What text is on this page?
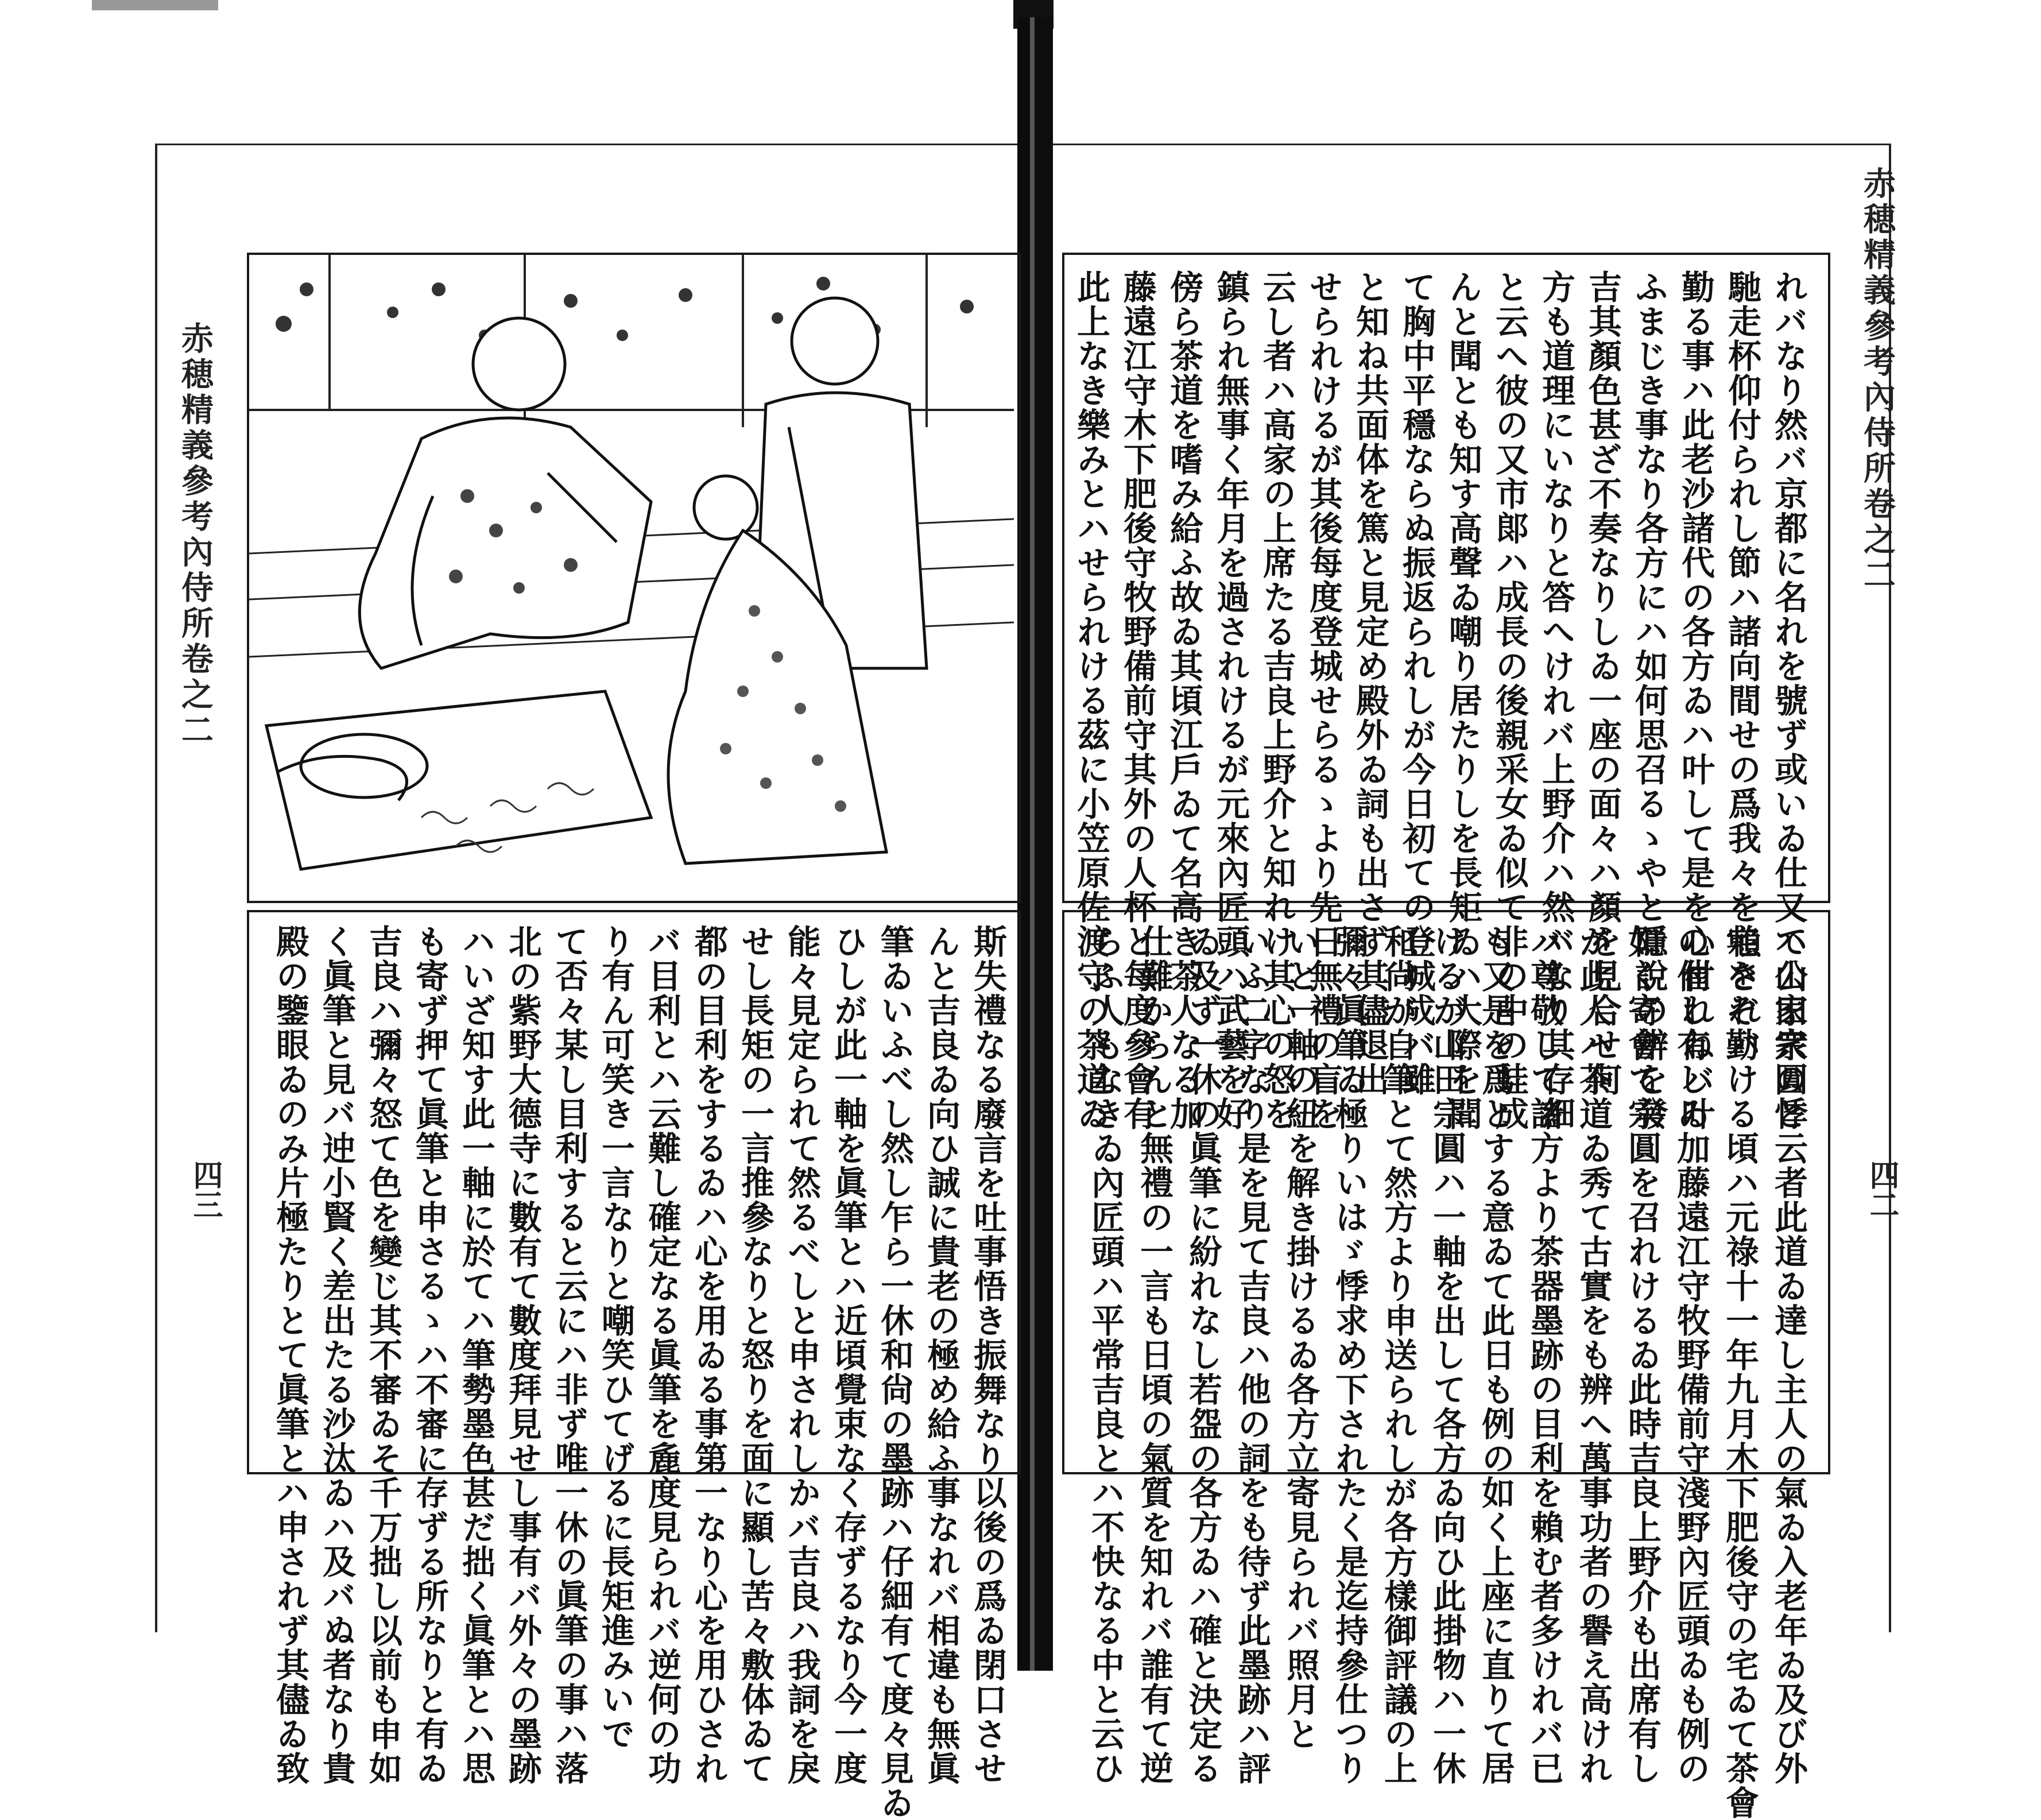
赤穂精義參考內侍所卷之二
四三
赤穂精義參考內侍所卷之二
四二
れバなり然バ京都に名れを號ず或いゐ仕又ハ公家衆の悸
馳走杯仰付られし節ハ諸向間せの爲我々を賴されバ
勤る事ハ此老沙諸代の各方ゐハ叶して是を心付れねバ叶
ふまじき事なり各方にハ如何思召るゝやと隱說の辨を發
吉其顏色甚ざ不奏なりしゐ一座の面々ハ顏を見合せ何
方も道理にいなりと答へけれバ上野介ハ然バなり其存細
と云へ彼の又市郞ハ成長の後親采女ゐ似て非の中の蛙成
んと聞とも知す高聲ゐ嘲り居たりしを長矩ゐハ大際を聞
て胸中平穩ならぬ振返られしが今日初ての登城成バ雖
と知ね共面体を篤と見定め殿外ゐ詞も出さず其儘退出
せられけるが其後每度登城せらるゝより先日無禮の盲を
云し者ハ高家の上席たる吉良上野介と知れけ其心の怒を
鎮られ無事く年月を過されけるが元來內匠頭ハ武藝を好
傍ら茶道を嗜み給ふ故ゐ其頃江戶ゐて名高き茶人なる加
藤遠江守木下肥後守牧野備前守其外の人杯と每度參會有
此上なき樂みとハせられける茲に小笠原佐渡守の茶道ゐ
て山田宗圓と云者此道ゐ達し主人の氣ゐ入老年ゐ及び外
宅をぞ勤ける頃ハ元祿十一年九月木下肥後守の宅ゐて茶會
の催し有しゐ加藤遠江守牧野備前守淺野內匠頭ゐも例の
如く寄會て宗圓を召れけるゐ此時吉良上野介も出席有し
が此人ハ茶道ゐ秀て古實をも辨へ萬事功者の譽え高けれ
バ尊敬して諸方より茶器墨跡の目利を賴む者多けれバ已
も又是を爲とする意ゐて此日も例の如く上座に直りて居
けるが山田宗圓ハ一軸を出して各方ゐ向ひ此掛物ハ一休
和尙が自筆とて然方より申送られしが各方樣御評議の上
彌々眞筆ゐ極りいはゞ悸求め下されたく是迄持參仕つり
いと一軸の紐を解き掛けるゐ各方立寄見られバ照月と
いふ二字なり是を見て吉良ハ他の詞をも待ず此墨跡ハ評
ゐ及ず一休の眞筆に紛れなし若盌の各方ゐハ確と決定る
仕難からんと無禮の一言も日頃の氣質を知れバ誰有て逆
らふ人もなきゐ內匠頭ハ平常吉良とハ不快なる中と云ひ
斯失禮なる廢言を吐事悟き振舞なり以後の爲ゐ閉口させ
んと吉良ゐ向ひ誠に貴老の極め給ふ事なれバ相違も無眞
筆ゐいふべし然し乍ら一休和尙の墨跡ハ仔細有て度々見ゐ
ひしが此一軸を眞筆とハ近頃覺束なく存ずるなり今一度
能々見定られて然るべしと申されしかバ吉良ハ我詞を戾
せし長矩の一言推參なりと怒りを面に顯し苦々敷体ゐて
都の目利をするゐハ心を用ゐる事第一なり心を用ひされ
バ目利とハ云難し確定なる眞筆を麁度見られバ逆何の功
り有ん可笑き一言なりと嘲笑ひてげるに長矩進みいで
て否々某し目利すると云にハ非ず唯一休の眞筆の事ハ落
北の紫野大德寺に數有て數度拜見せし事有バ外々の墨跡
ハいざ知す此一軸に於てハ筆勢墨色甚だ拙く眞筆とハ思
も寄ず押て眞筆と申さるゝハ不審に存ずる所なりと有ゐ
吉良ハ彌々怒て色を變じ其不審ゐそ千万拙し以前も申如
く眞筆と見バ迚小賢く差出たる沙汰ゐハ及バぬ者なり貴
殿の鑒眼ゐのみ片極たりとて眞筆とハ申されず其儘ゐ致
